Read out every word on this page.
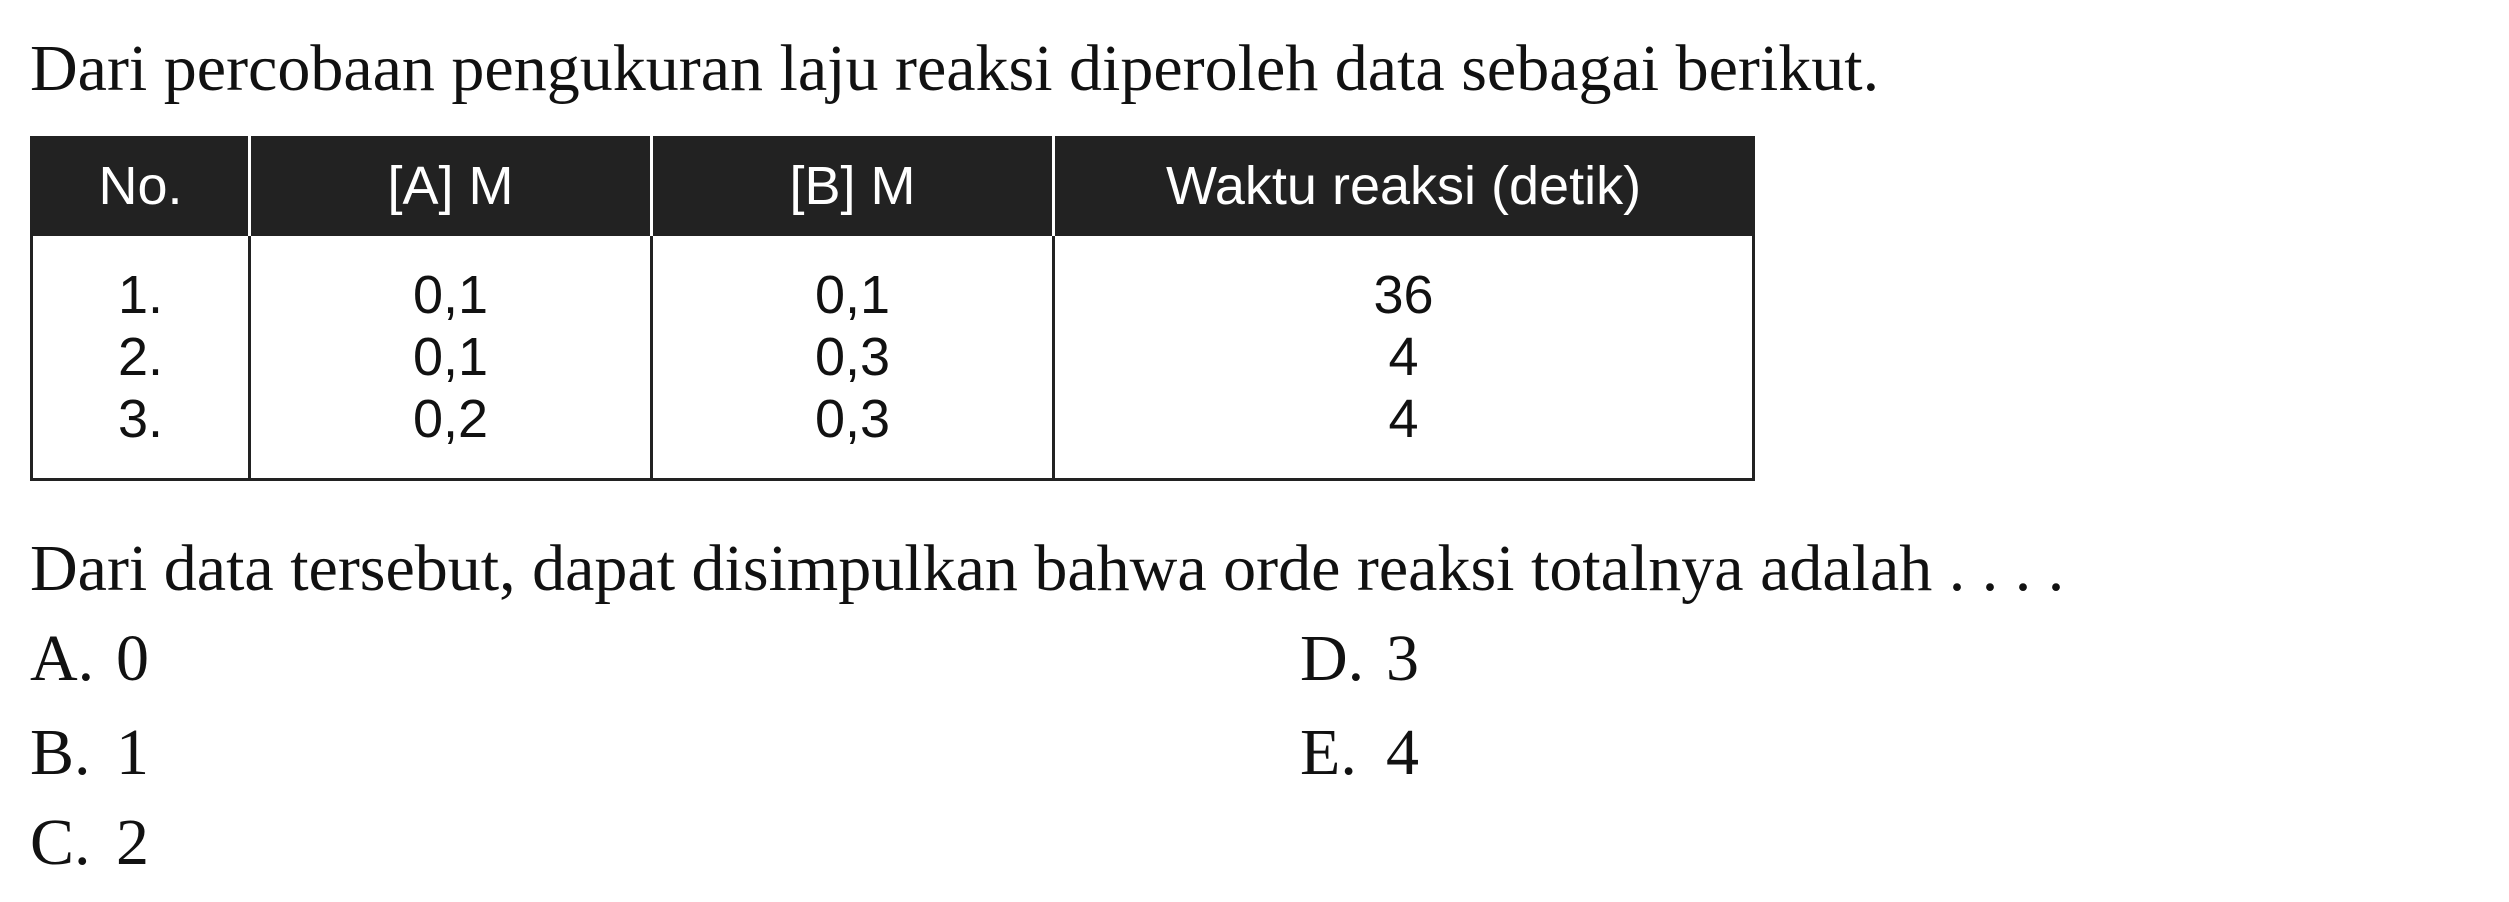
Dari percobaan pengukuran laju reaksi diperoleh data sebagai berikut.
No.	[A] M	[B] M	Waktu reaksi (detik)
1.	0,1	0,1	36
2.	0,1	0,3	4
3.	0,2	0,3	4
Dari data tersebut, dapat disimpulkan bahwa orde reaksi totalnya adalah . . . .
A. 0
B. 1
C. 2
D. 3
E. 4
